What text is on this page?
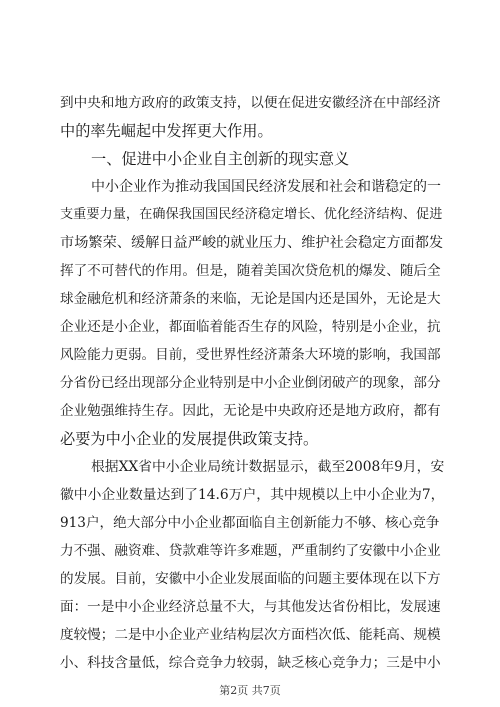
到中央和地方政府的政策支持，以便在促进安徽经济在中部经济
中的率先崛起中发挥更大作用。
一、促进中小企业自主创新的现实意义
中小企业作为推动我国国民经济发展和社会和谐稳定的一
支重要力量，在确保我国国民经济稳定增长、优化经济结构、促进
市场繁荣、缓解日益严峻的就业压力、维护社会稳定方面都发
挥了不可替代的作用。但是，随着美国次贷危机的爆发、随后全
球金融危机和经济萧条的来临，无论是国内还是国外，无论是大
企业还是小企业，都面临着能否生存的风险，特别是小企业，抗
风险能力更弱。目前，受世界性经济萧条大环境的影响，我国部
分省份已经出现部分企业特别是中小企业倒闭破产的现象，部分
企业勉强维持生存。因此，无论是中央政府还是地方政府，都有
必要为中小企业的发展提供政策支持。
根据XX省中小企业局统计数据显示，截至2008年9月，安
徽中小企业数量达到了14.6万户，其中规模以上中小企业为7，
913户，绝大部分中小企业都面临自主创新能力不够、核心竞争
力不强、融资难、贷款难等许多难题，严重制约了安徽中小企业
的发展。目前，安徽中小企业发展面临的问题主要体现在以下方
面：一是中小企业经济总量不大，与其他发达省份相比，发展速
度较慢；二是中小企业产业结构层次方面档次低、能耗高、规模
小、科技含量低，综合竞争力较弱，缺乏核心竞争力；三是中小
第2页 共7页
